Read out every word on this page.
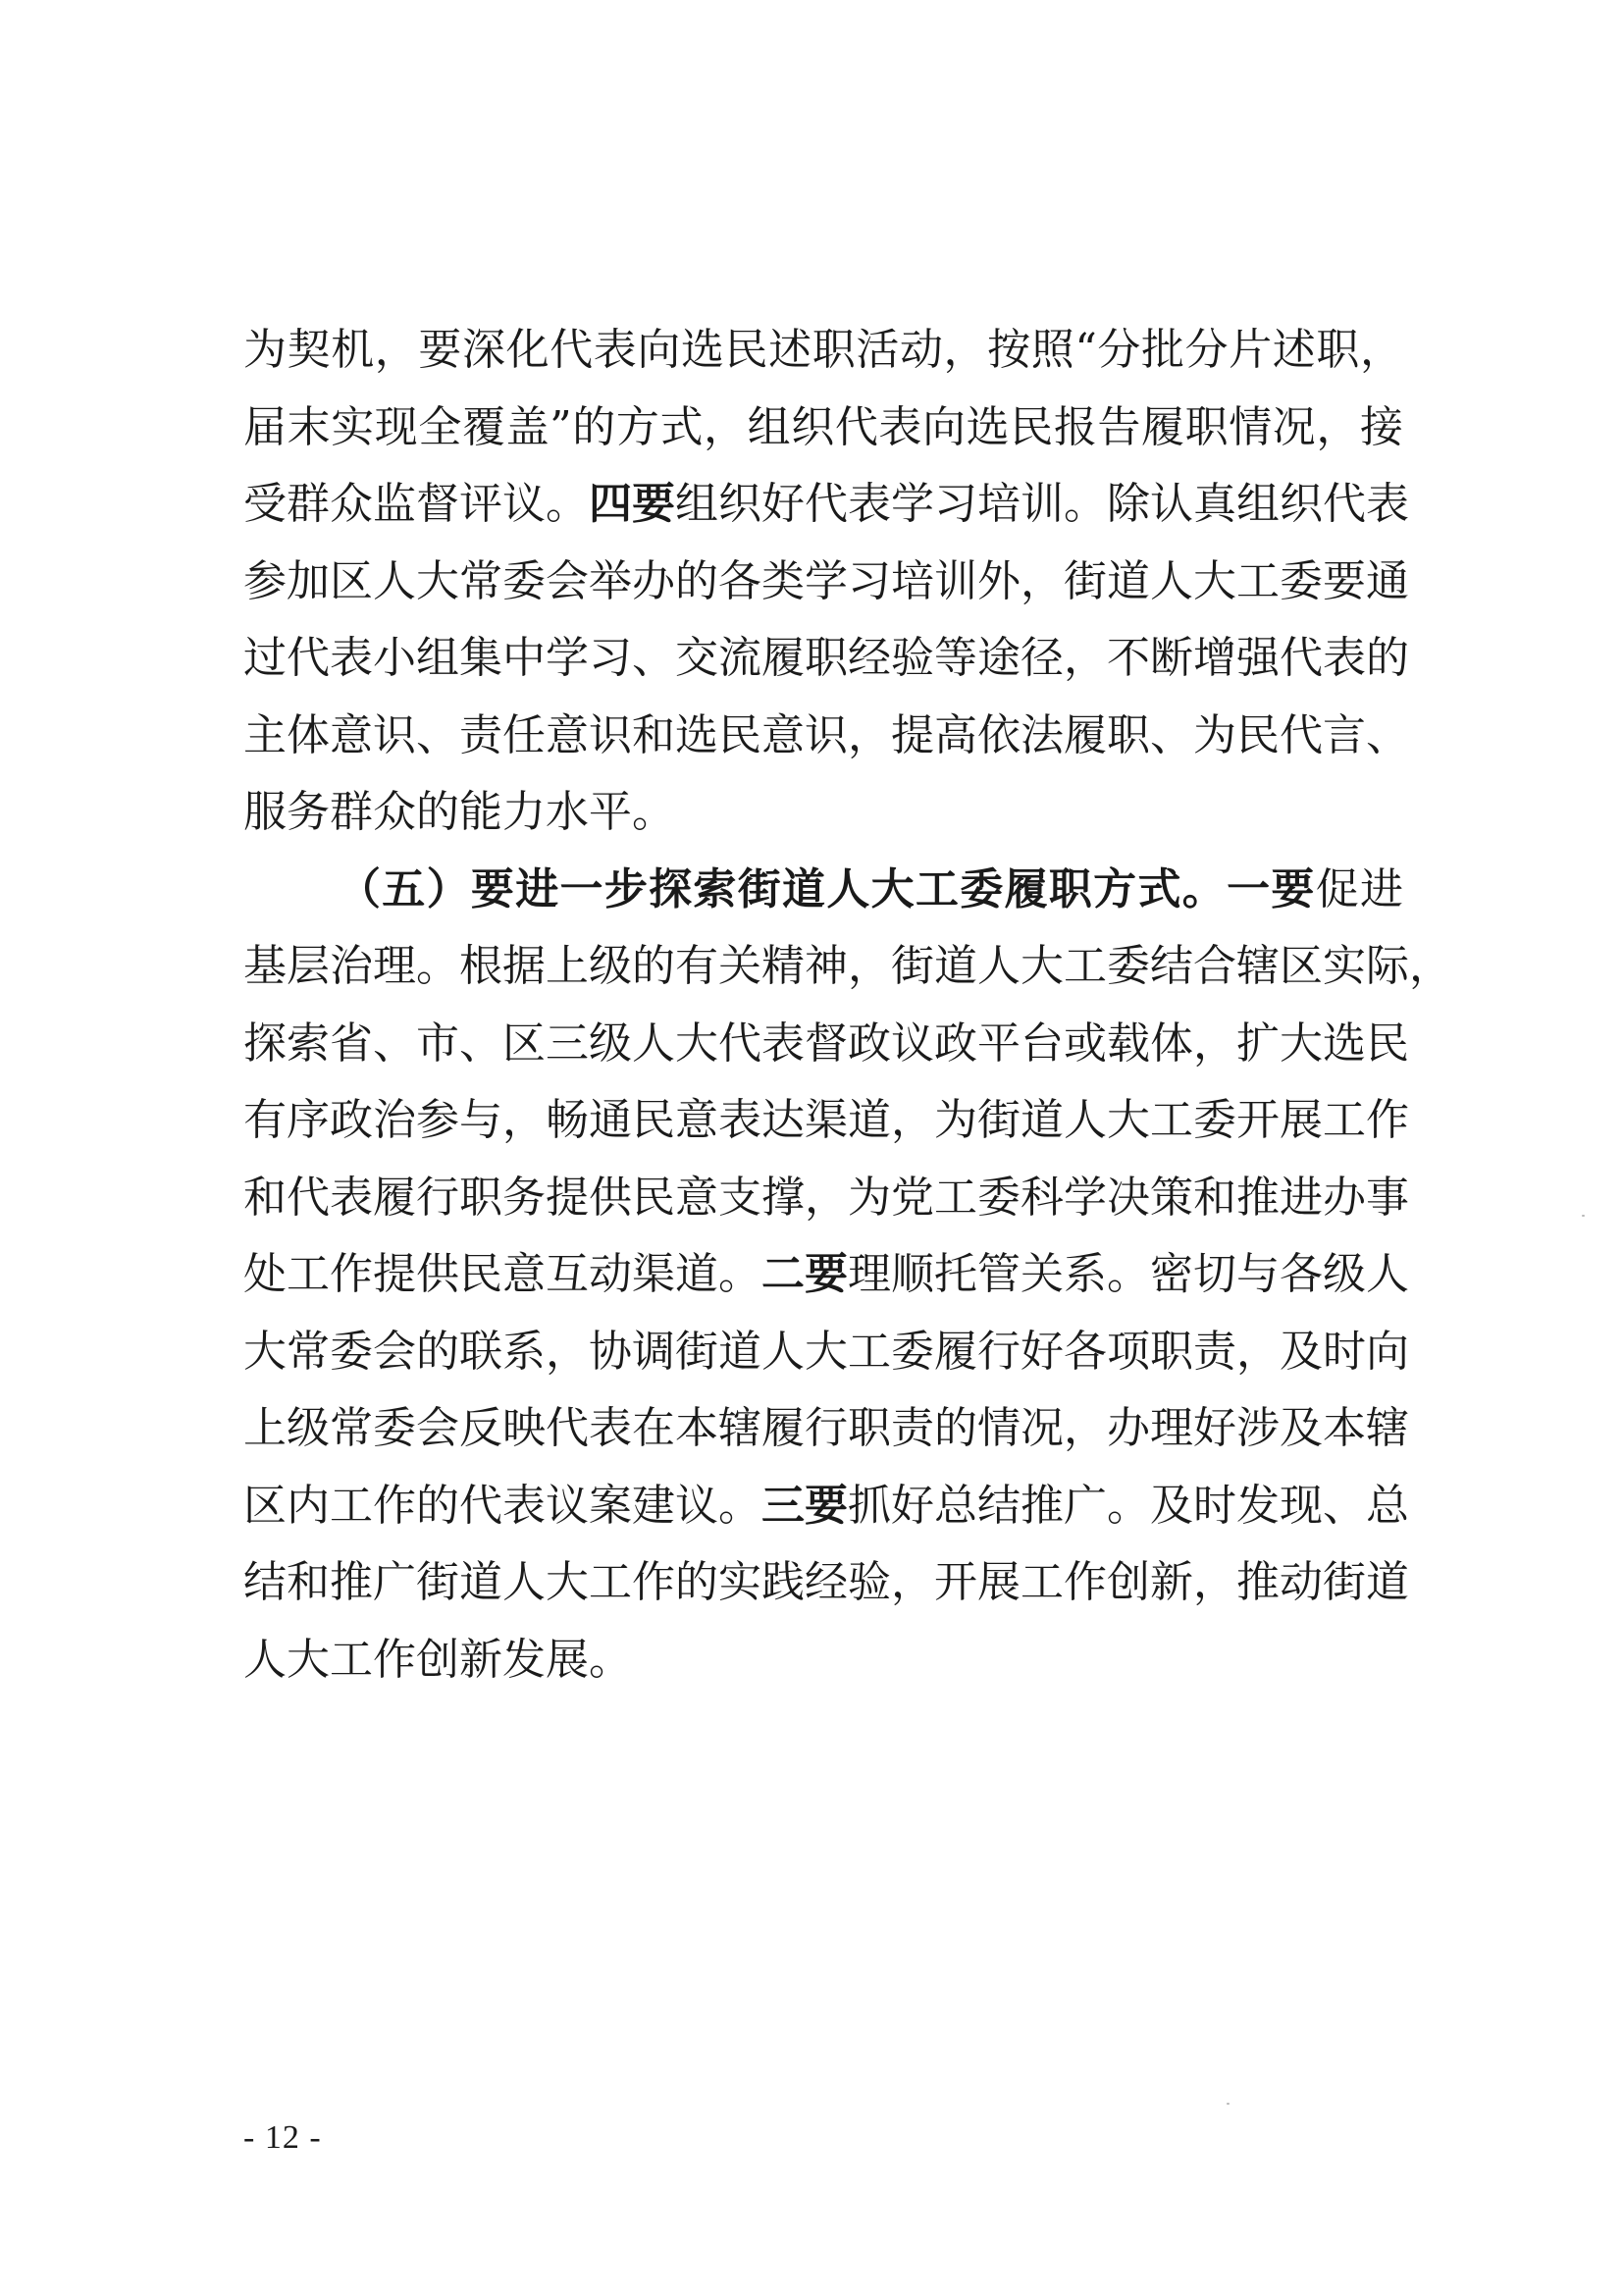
为契机，要深化代表向选民述职活动，按照“分批分片述职，
届末实现全覆盖”的方式，组织代表向选民报告履职情况，接
受群众监督评议。四要组织好代表学习培训。除认真组织代表
参加区人大常委会举办的各类学习培训外，街道人大工委要通
过代表小组集中学习、交流履职经验等途径，不断增强代表的
主体意识、责任意识和选民意识，提高依法履职、为民代言、
服务群众的能力水平。
（五）要进一步探索街道人大工委履职方式。一要促进
基层治理。根据上级的有关精神，街道人大工委结合辖区实际，
探索省、市、区三级人大代表督政议政平台或载体，扩大选民
有序政治参与，畅通民意表达渠道，为街道人大工委开展工作
和代表履行职务提供民意支撑，为党工委科学决策和推进办事
处工作提供民意互动渠道。二要理顺托管关系。密切与各级人
大常委会的联系，协调街道人大工委履行好各项职责，及时向
上级常委会反映代表在本辖履行职责的情况，办理好涉及本辖
区内工作的代表议案建议。三要抓好总结推广。及时发现、总
结和推广街道人大工作的实践经验，开展工作创新，推动街道
人大工作创新发展。
- 12 -
